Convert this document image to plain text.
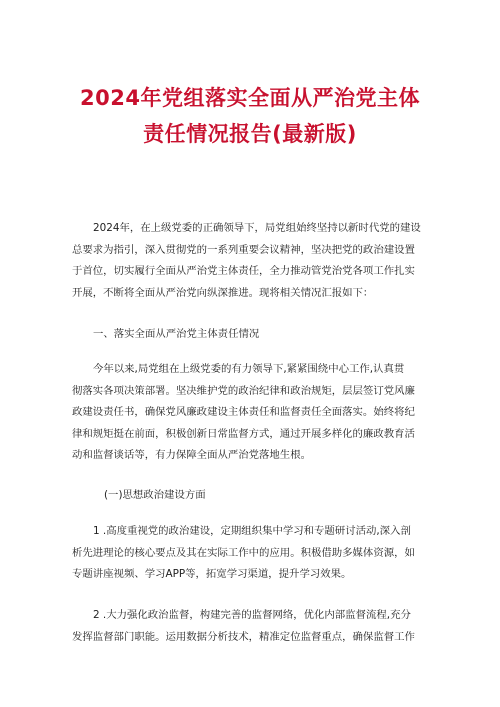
2024年党组落实全面从严治党主体
责任情况报告(最新版)
2024年，在上级党委的正确领导下，局党组始终坚持以新时代党的建设
总要求为指引，深入贯彻党的一系列重要会议精神，坚决把党的政治建设置
于首位，切实履行全面从严治党主体责任，全力推动管党治党各项工作扎实
开展，不断将全面从严治党向纵深推进。现将相关情况汇报如下：
一、落实全面从严治党主体责任情况
今年以来,局党组在上级党委的有力领导下,紧紧围绕中心工作,认真贯
彻落实各项决策部署。坚决维护党的政治纪律和政治规矩，层层签订党风廉
政建设责任书，确保党风廉政建设主体责任和监督责任全面落实。始终将纪
律和规矩挺在前面，积极创新日常监督方式，通过开展多样化的廉政教育活
动和监督谈话等，有力保障全面从严治党落地生根。
(一)思想政治建设方面
1 .高度重视党的政治建设，定期组织集中学习和专题研讨活动,深入剖
析先进理论的核心要点及其在实际工作中的应用。积极借助多媒体资源，如
专题讲座视频、学习APP等，拓宽学习渠道，提升学习效果。
2 .大力强化政治监督，构建完善的监督网络，优化内部监督流程,充分
发挥监督部门职能。运用数据分析技术，精准定位监督重点，确保监督工作
